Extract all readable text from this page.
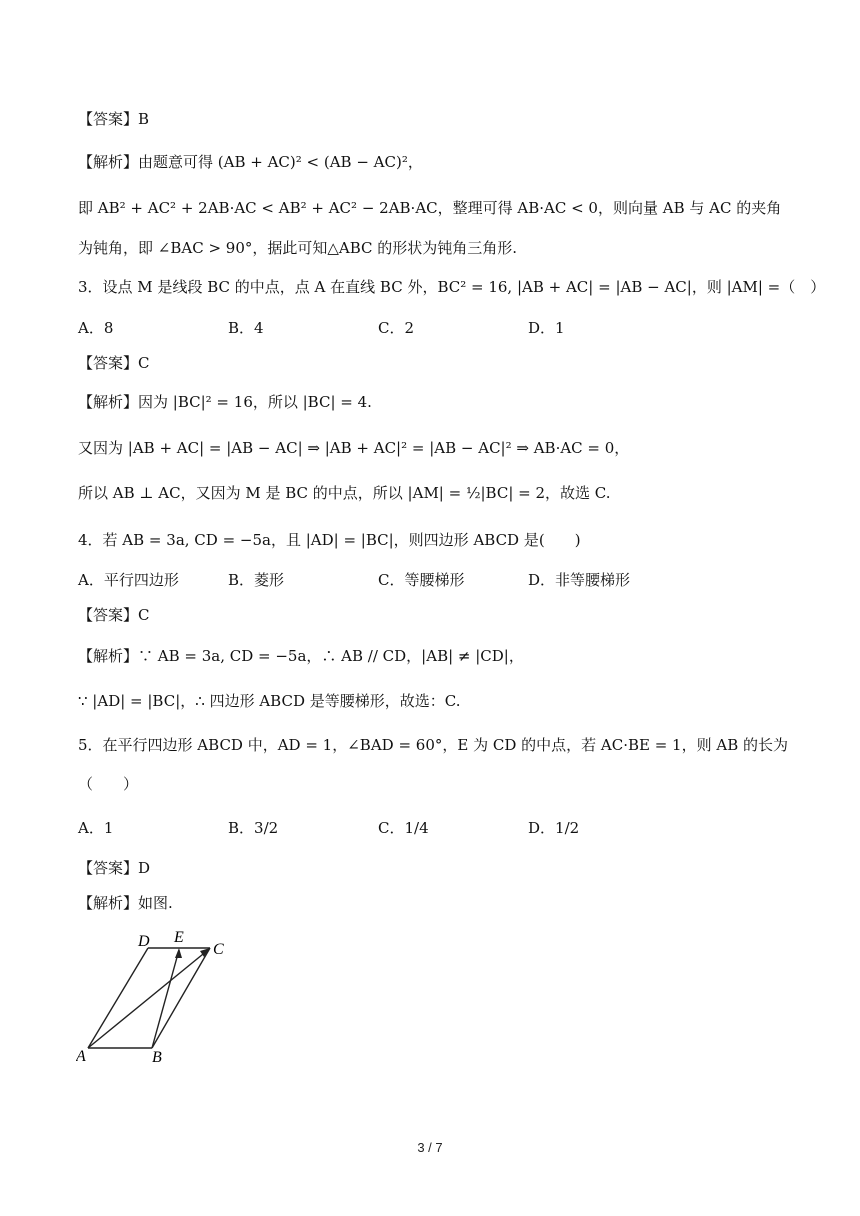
【答案】B
【解析】由题意可得 (AB + AC)² < (AB − AC)²，
即 AB² + AC² + 2AB·AC < AB² + AC² − 2AB·AC，整理可得 AB·AC < 0，则向量 AB 与 AC 的夹角
为钝角，即 ∠BAC > 90°，据此可知△ABC 的形状为钝角三角形.
3．设点 M 是线段 BC 的中点，点 A 在直线 BC 外，BC² = 16, |AB + AC| = |AB − AC|，则 |AM| =（　）
A．8	B．4	C．2	D．1
【答案】C
【解析】因为 |BC|² = 16，所以 |BC| = 4.
又因为 |AB + AC| = |AB − AC| ⇒ |AB + AC|² = |AB − AC|² ⇒ AB·AC = 0，
所以 AB ⊥ AC，又因为 M 是 BC 的中点，所以 |AM| = ½|BC| = 2，故选 C.
4．若 AB = 3a, CD = −5a，且 |AD| = |BC|，则四边形 ABCD 是(　　)
A．平行四边形	B．菱形	C．等腰梯形	D．非等腰梯形
【答案】C
【解析】∵ AB = 3a, CD = −5a，∴ AB // CD，|AB| ≠ |CD|，
∵ |AD| = |BC|，∴ 四边形 ABCD 是等腰梯形，故选：C.
5．在平行四边形 ABCD 中，AD = 1，∠BAD = 60°，E 为 CD 的中点，若 AC·BE = 1，则 AB 的长为
（　　）
A．1	B．3/2	C．1/4	D．1/2
【答案】D
【解析】如图.
D E
C
A	B
3 / 7
